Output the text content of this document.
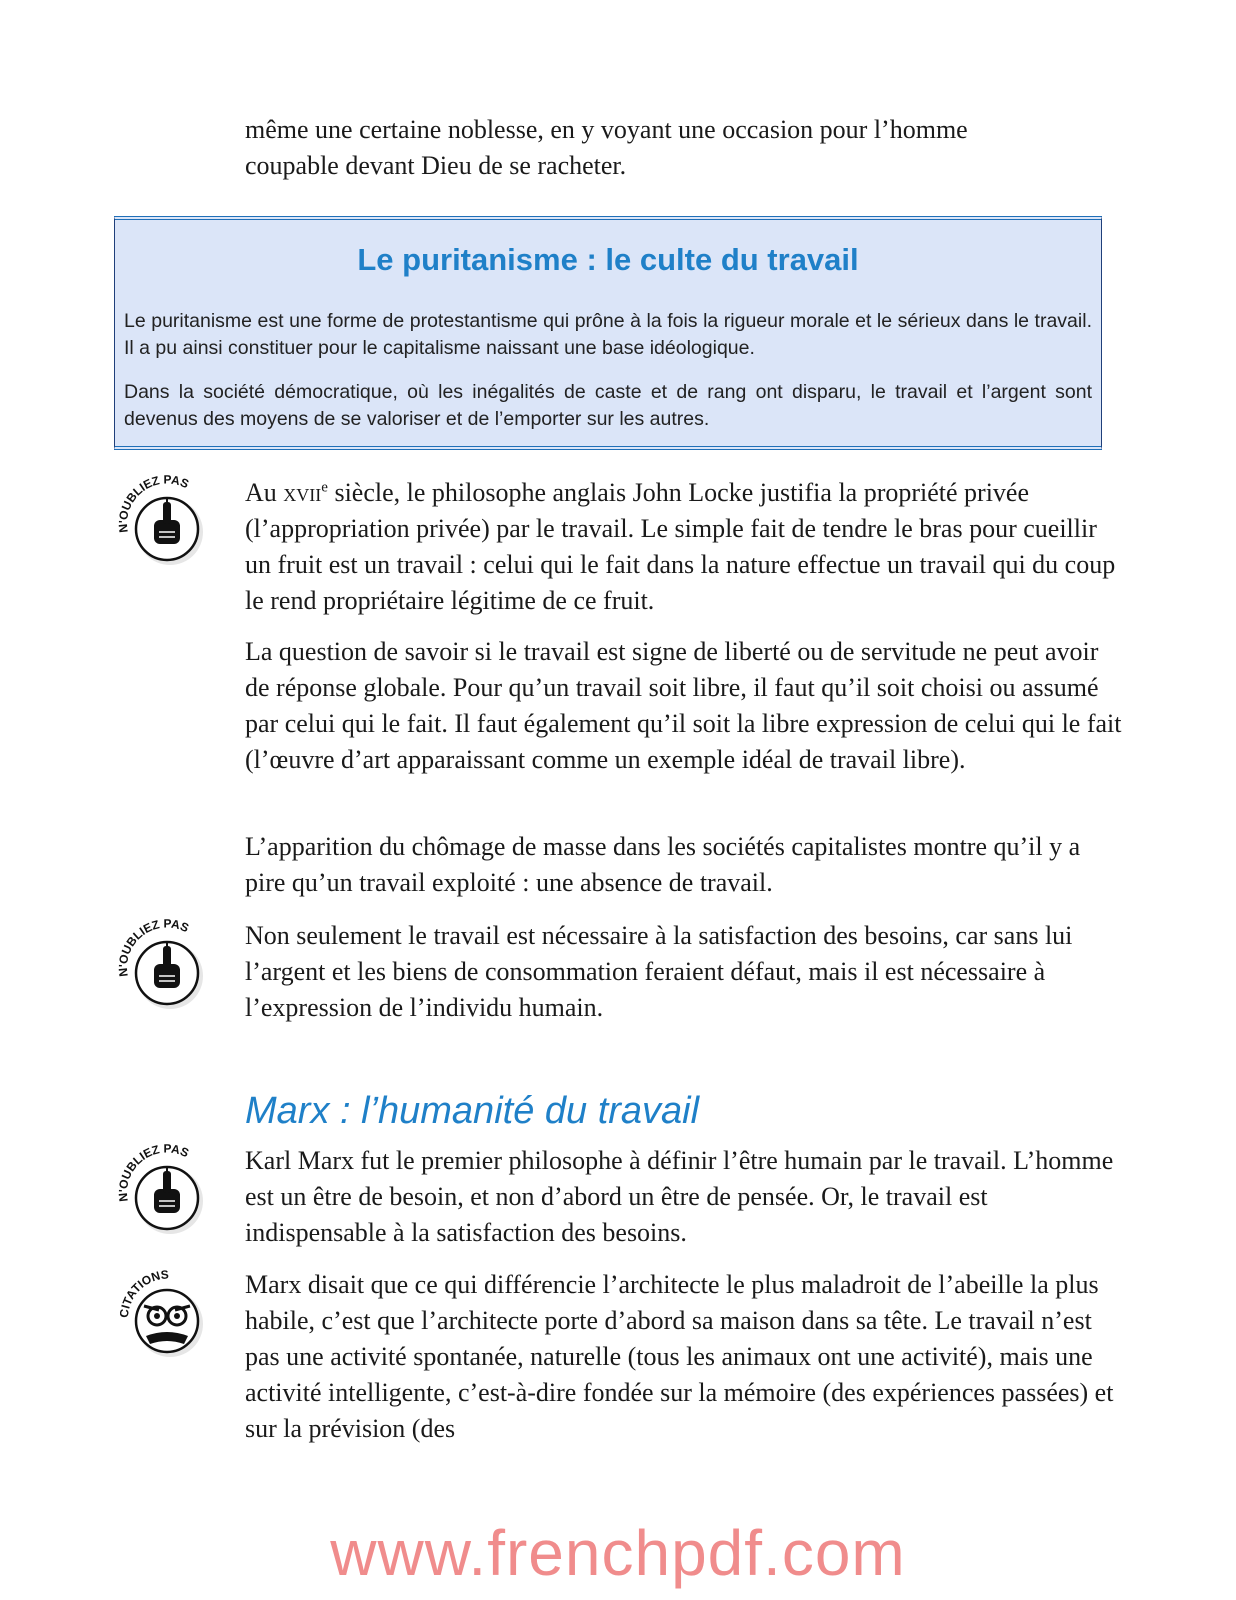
même une certaine noblesse, en y voyant une occasion pour l’homme
coupable devant Dieu de se racheter.

Le puritanisme : le culte du travail

Le puritanisme est une forme de protestantisme qui prône à la fois la rigueur morale et le sérieux dans le travail. Il a pu ainsi constituer pour le capitalisme naissant une base idéologique.

Dans la société démocratique, où les inégalités de caste et de rang ont disparu, le travail et l’argent sont devenus des moyens de se valoriser et de l’emporter sur les autres.

N'OUBLIEZ PAS Au xvii$^e$ siècle, le philosophe anglais John Locke justifia la propriété privée (l’appropriation privée) par le travail. Le simple fait de tendre le bras pour cueillir un fruit est un travail : celui qui le fait dans la nature effectue un travail qui du coup le rend propriétaire légitime de ce fruit.

La question de savoir si le travail est signe de liberté ou de servitude ne peut avoir de réponse globale. Pour qu’un travail soit libre, il faut qu’il soit choisi ou assumé par celui qui le fait. Il faut également qu’il soit la libre expression de celui qui le fait (l’œuvre d’art apparaissant comme un exemple idéal de travail libre).

L’apparition du chômage de masse dans les sociétés capitalistes montre qu’il y a pire qu’un travail exploité : une absence de travail.

N'OUBLIEZ PAS Non seulement le travail est nécessaire à la satisfaction des besoins, car sans lui l’argent et les biens de consommation feraient défaut, mais il est nécessaire à l’expression de l’individu humain.

Marx : l’humanité du travail
N'OUBLIEZ PAS Karl Marx fut le premier philosophe à définir l’être humain par le travail. L’homme est un être de besoin, et non d’abord un être de pensée. Or, le travail est indispensable à la satisfaction des besoins.

CITATIONS	Marx disait que ce qui différencie l’architecte le plus maladroit de l’abeille la plus habile, c’est que l’architecte porte d’abord sa maison dans sa tête. Le travail n’est pas une activité spontanée, naturelle (tous les animaux ont une activité), mais une activité intelligente, c’est-à-dire fondée sur la mémoire (des expériences passées) et sur la prévision (des

www.frenchpdf.com
